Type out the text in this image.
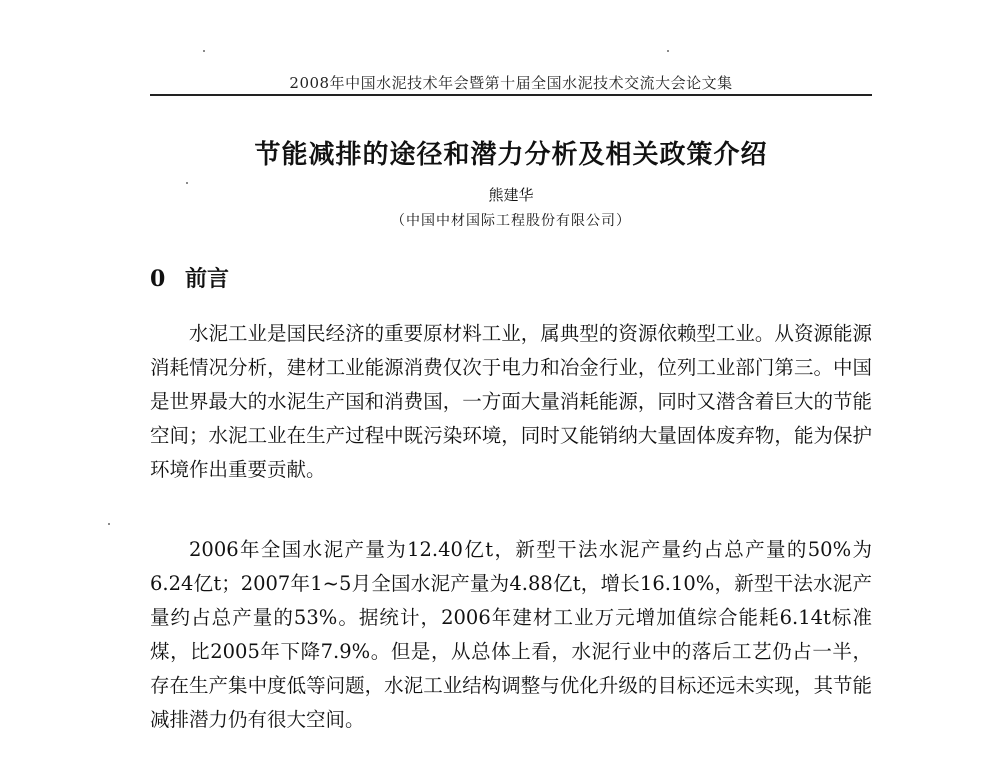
2008年中国水泥技术年会暨第十届全国水泥技术交流大会论文集
节能减排的途径和潜力分析及相关政策介绍
熊建华
（中国中材国际工程股份有限公司）
0 前言

水泥工业是国民经济的重要原材料工业，属典型的资源依赖型工业。从资源能源消耗情况分析，建材工业能源消费仅次于电力和冶金行业，位列工业部门第三。中国是世界最大的水泥生产国和消费国，一方面大量消耗能源，同时又潜含着巨大的节能空间；水泥工业在生产过程中既污染环境，同时又能销纳大量固体废弃物，能为保护环境作出重要贡献。

2006年全国水泥产量为12.40亿t，新型干法水泥产量约占总产量的50%为6.24亿t；2007年1~5月全国水泥产量为4.88亿t，增长16.10%，新型干法水泥产量约占总产量的53%。据统计，2006年建材工业万元增加值综合能耗6.14t标准煤，比2005年下降7.9%。但是，从总体上看，水泥行业中的落后工艺仍占一半，存在生产集中度低等问题，水泥工业结构调整与优化升级的目标还远未实现，其节能减排潜力仍有很大空间。
